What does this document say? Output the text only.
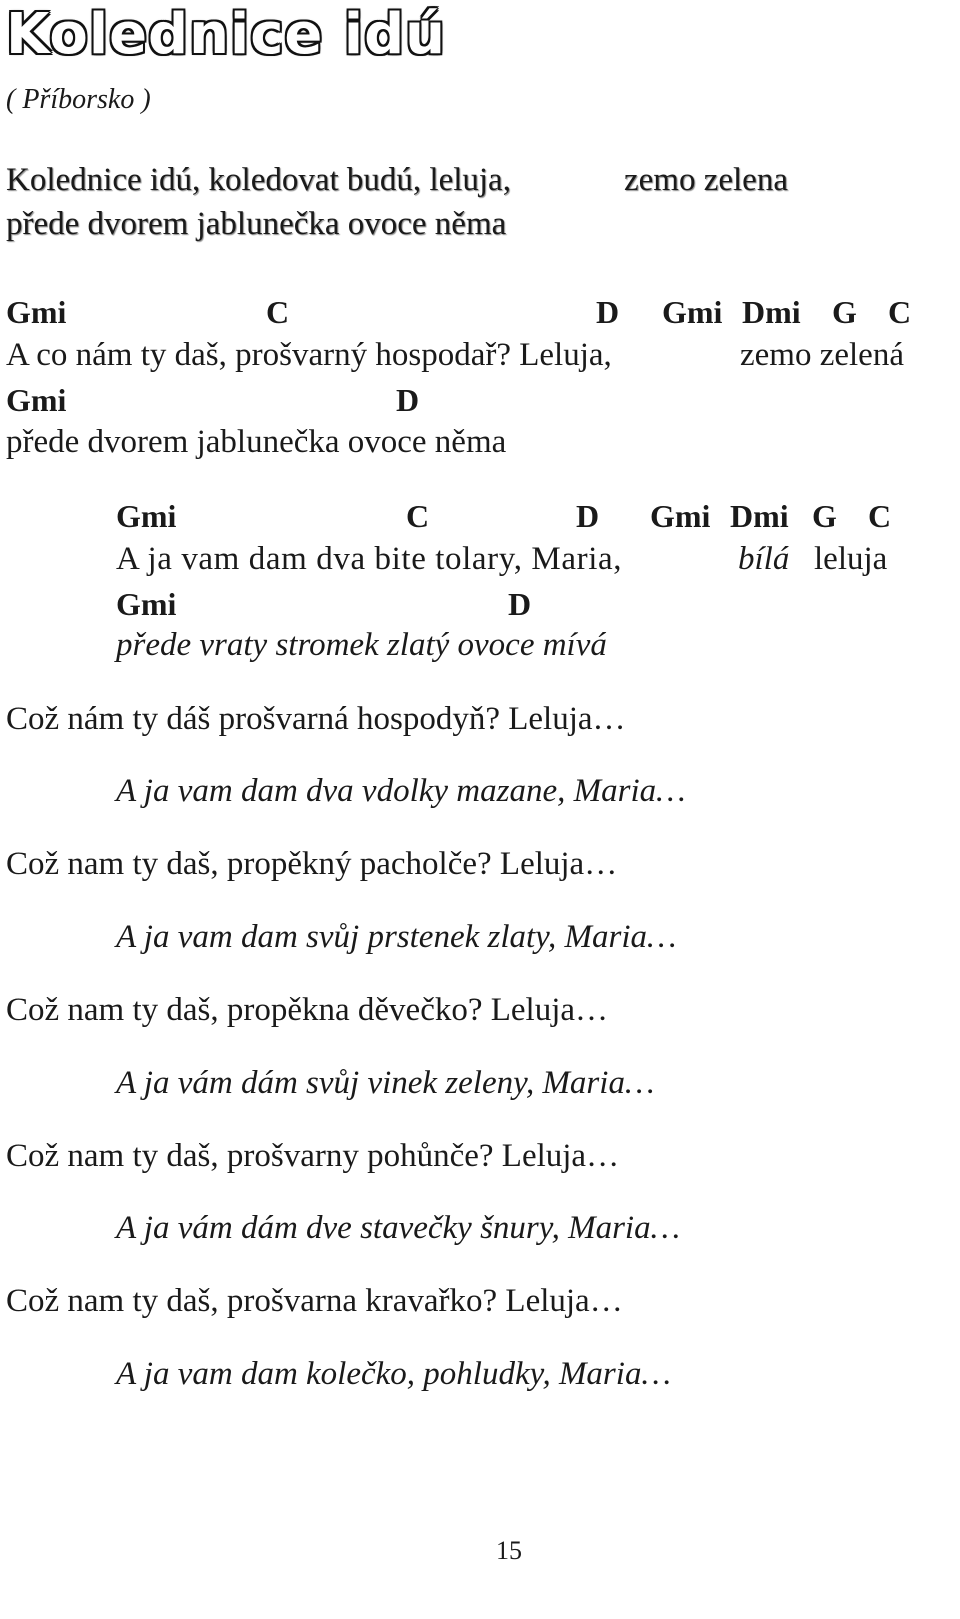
Kolednice idú
( Příborsko )
Kolednice idú, koledovat budú, leluja,	zemo zelena
přede dvorem jablunečka ovoce něma
Gmi	C	D Gmi Dmi G C
A co nám ty daš, prošvarný hospodař? Leluja,	zemo zelená
Gmi	D
přede dvorem jablunečka ovoce něma
Gmi	C	D Gmi Dmi G C
A ja vam dam dva bite tolary, Maria,	bílá leluja
Gmi	D
přede vraty stromek zlatý ovoce mívá
Což nám ty dáš prošvarná hospodyň? Leluja…
A ja vam dam dva vdolky mazane, Maria…
Což nam ty daš, propěkný pacholče? Leluja…
A ja vam dam svůj prstenek zlaty, Maria…
Což nam ty daš, propěkna děvečko? Leluja…
A ja vám dám svůj vinek zeleny, Maria…
Což nam ty daš, prošvarny pohůnče? Leluja…
A ja vám dám dve stavečky šnury, Maria…
Což nam ty daš, prošvarna kravařko? Leluja…
A ja vam dam kolečko, pohludky, Maria…
15
